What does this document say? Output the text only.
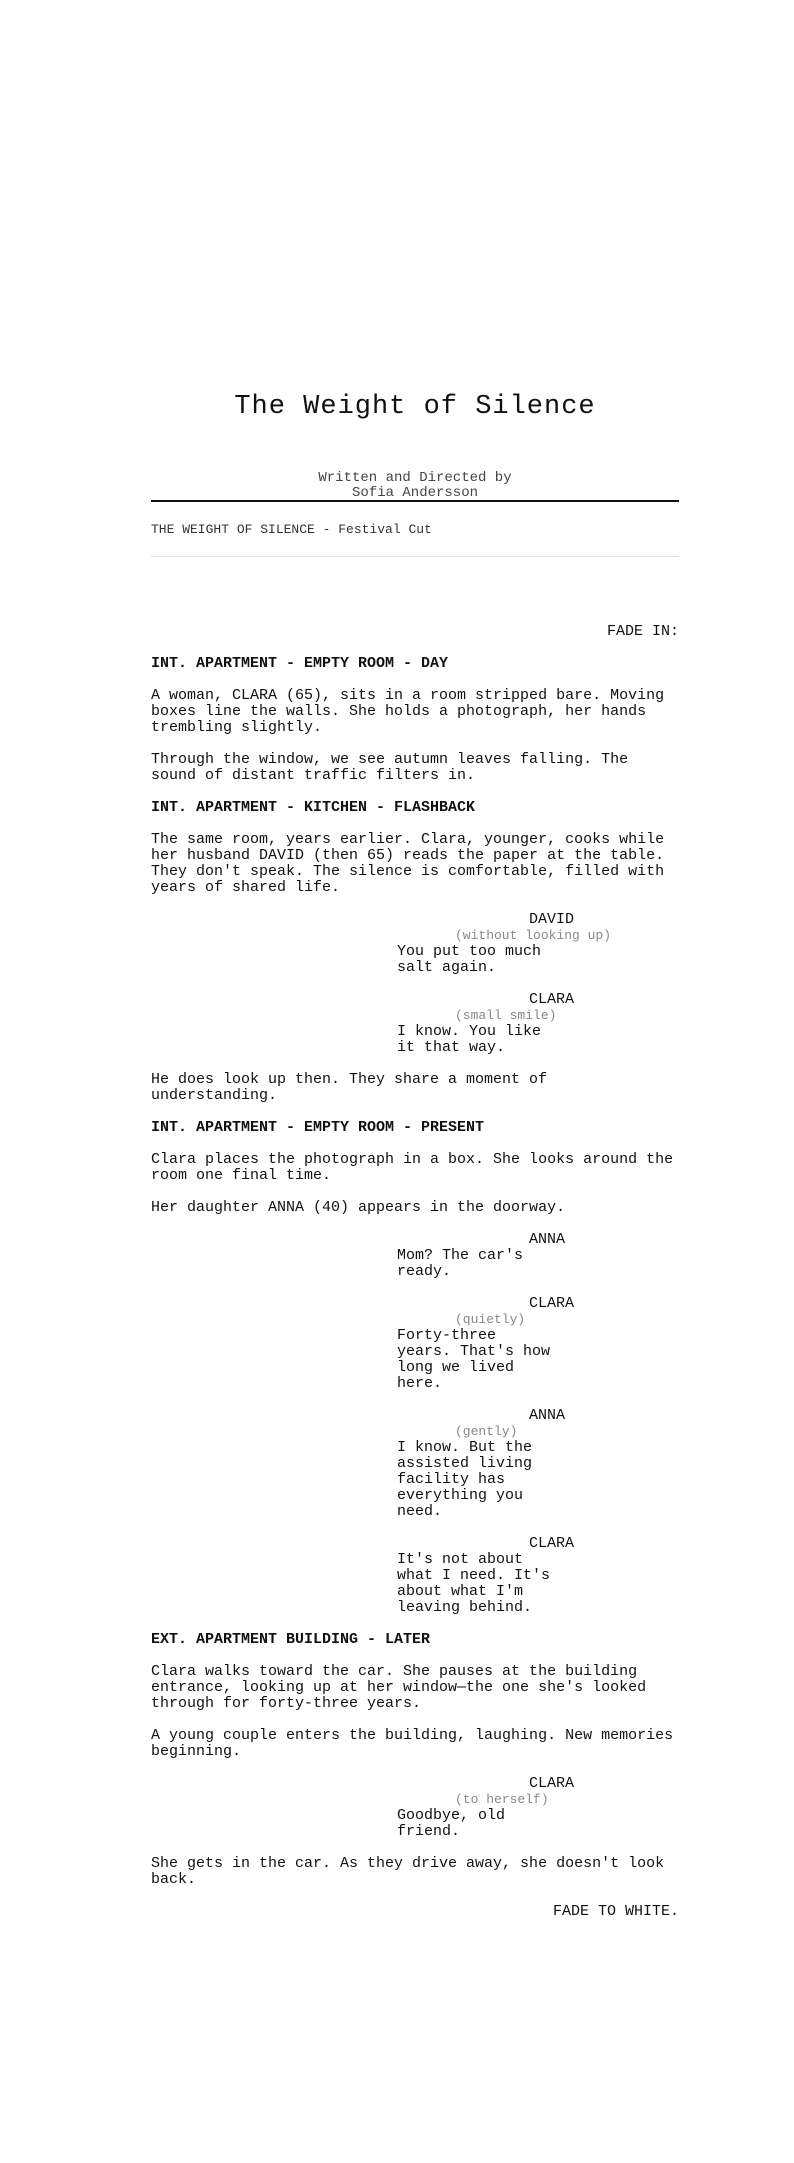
The Weight of Silence
Written and Directed by
Sofia Andersson
THE WEIGHT OF SILENCE - Festival Cut

FADE IN:

INT. APARTMENT - EMPTY ROOM - DAY

A woman, CLARA (65), sits in a room stripped bare. Moving boxes line the walls. She holds a photograph, her hands trembling slightly.

Through the window, we see autumn leaves falling. The sound of distant traffic filters in.

INT. APARTMENT - KITCHEN - FLASHBACK

The same room, years earlier. Clara, younger, cooks while her husband DAVID (then 65) reads the paper at the table. They don't speak. The silence is comfortable, filled with years of shared life.

DAVID
(without looking up)
You put too much salt again.
CLARA
(small smile)
I know. You like it that way.

He does look up then. They share a moment of understanding.

INT. APARTMENT - EMPTY ROOM - PRESENT

Clara places the photograph in a box. She looks around the room one final time.

Her daughter ANNA (40) appears in the doorway.

ANNA
Mom? The car's ready.
CLARA
(quietly)
Forty-three years. That's how long we lived here.
ANNA
(gently)
I know. But the assisted living facility has everything you need.
CLARA
It's not about what I need. It's about what I'm leaving behind.

EXT. APARTMENT BUILDING - LATER

Clara walks toward the car. She pauses at the building entrance, looking up at her window—the one she's looked through for forty-three years.

A young couple enters the building, laughing. New memories beginning.

CLARA
(to herself)
Goodbye, old friend.

She gets in the car. As they drive away, she doesn't look back.

FADE TO WHITE.
